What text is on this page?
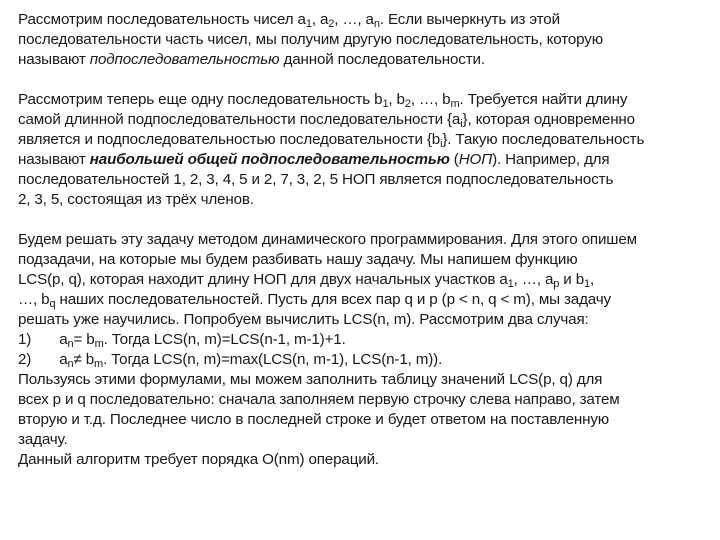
Рассмотрим последовательность чисел $a_1$, $a_2$, …, $a_n$. Если вычеркнуть из этой
последовательности часть чисел, мы получим другую последовательность, которую
называют подпоследовательностью данной последовательности.
Рассмотрим теперь еще одну последовательность $b_1$, $b_2$, …, $b_m$. Требуется найти длину
самой длинной подпоследовательности последовательности $\{a_i\}$, которая одновременно
является и подпоследовательностью последовательности $\{b_i\}$. Такую последовательность
называют наибольшей общей подпоследовательностью (НОП). Например, для
последовательностей 1, 2, 3, 4, 5 и 2, 7, 3, 2, 5 НОП является подпоследовательность
2, 3, 5, состоящая из трёх членов.
Будем решать эту задачу методом динамического программирования. Для этого опишем
подзадачи, на которые мы будем разбивать нашу задачу. Мы напишем функцию
LCS(p, q), которая находит длину НОП для двух начальных участков $a_1$, …, $a_p$ и $b_1$,
…, $b_q$ наших последовательностей. Пусть для всех пар q и p (p < n, q < m), мы задачу
решать уже научились. Попробуем вычислить LCS(n, m). Рассмотрим два случая:
1) $a_n= b_m$. Тогда LCS(n, m)=LCS(n-1, m-1)+1.
2) $a_n\ne b_m$. Тогда LCS(n, m)=max(LCS(n, m-1), LCS(n-1, m)).
Пользуясь этими формулами, мы можем заполнить таблицу значений LCS(p, q) для
всех p и q последовательно: сначала заполняем первую строчку слева направо, затем
вторую и т.д. Последнее число в последней строке и будет ответом на поставленную
задачу.
Данный алгоритм требует порядка O(nm) операций.
